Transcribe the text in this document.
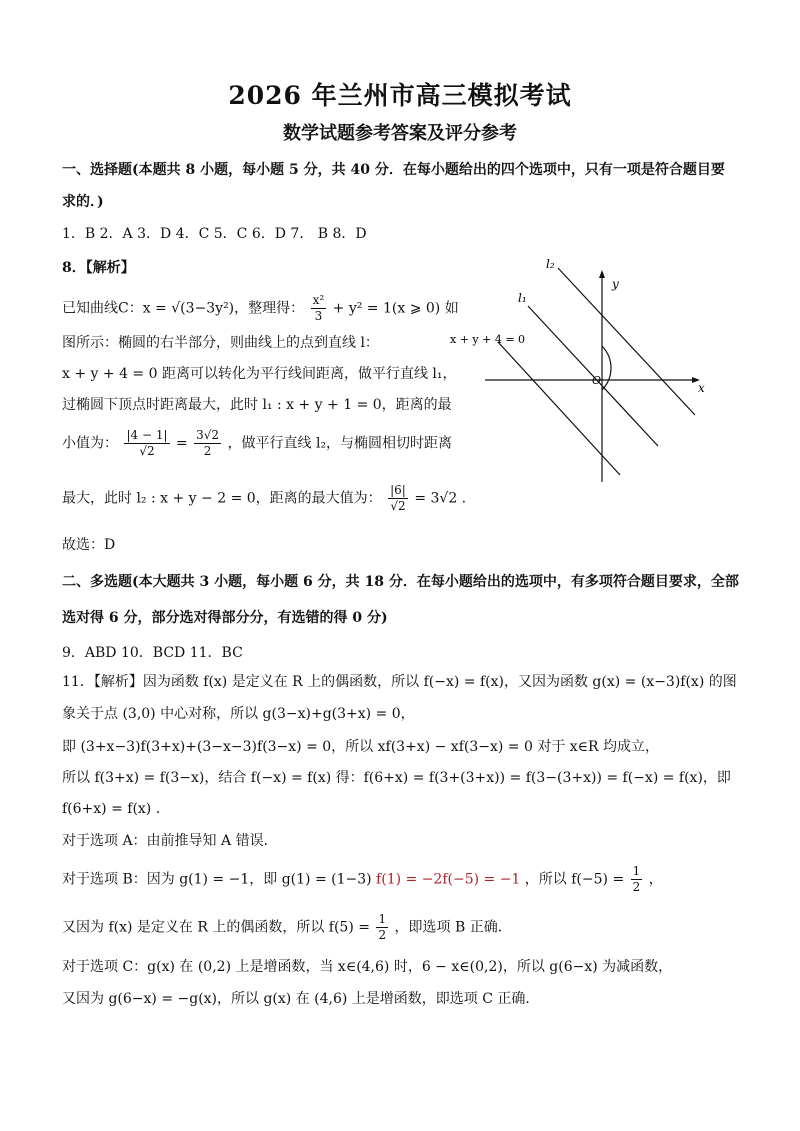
2026 年兰州市高三模拟考试
数学试题参考答案及评分参考
一、选择题(本题共 8 小题，每小题 5 分，共 40 分．在每小题给出的四个选项中，只有一项是符合题目要
求的．)
1．B 2．A 3．D 4．C 5．C 6．D 7． B 8．D
8．【解析】
已知曲线C：x = √(3−3y²)，整理得： $\frac{\text{x²}}{3} + y^2 = 1(x$ ⩾ 0) 如
图所示：椭圆的右半部分，则曲线上的点到直线 l：
x + y + 4 = 0 距离可以转化为平行线间距离，做平行直线 l₁，
过椭圆下顶点时距离最大，此时 l₁ : x + y + 1 = 0，距离的最
小值为： $\frac{|4 - 1|}{√2} = \frac{3√2}{2}$ ，做平行直线 l₂，与椭圆相切时距离
最大，此时 l₂ : x + y − 2 = 0，距离的最大值为： $\frac{|6|}{√2} = 3√2$ .
故选：D
l₂
l₁
x + y + 4 = 0
y
x
O
二、多选题(本大题共 3 小题，每小题 6 分，共 18 分．在每小题给出的选项中，有多项符合题目要求，全部
选对得 6 分，部分选对得部分分，有选错的得 0 分)
9．ABD 10．BCD 11．BC
11．【解析】因为函数 f(x) 是定义在 R 上的偶函数，所以 f(−x) = f(x)，又因为函数 g(x) = (x−3)f(x) 的图
象关于点 (3,0) 中心对称，所以 g(3−x)+g(3+x) = 0，
即 (3+x−3)f(3+x)+(3−x−3)f(3−x) = 0，所以 xf(3+x) − xf(3−x) = 0 对于 x∈R 均成立，
所以 f(3+x) = f(3−x)，结合 f(−x) = f(x) 得：f(6+x) = f(3+(3+x)) = f(3−(3+x)) = f(−x) = f(x)，即
f(6+x) = f(x) .
对于选项 A：由前推导知 A 错误．
对于选项 B：因为 g(1) = −1，即 g(1) = (1−3) f(1) = −2f(−5) = −1 ，所以 $f(-5) = \frac{1}{2}$ ，
又因为 f(x) 是定义在 R 上的偶函数，所以 $f(5) = \frac{1}{2}$ ，即选项 B 正确．
对于选项 C：g(x) 在 (0,2) 上是增函数，当 x∈(4,6) 时，6 − x∈(0,2)，所以 g(6−x) 为减函数，
又因为 g(6−x) = −g(x)，所以 g(x) 在 (4,6) 上是增函数，即选项 C 正确．
